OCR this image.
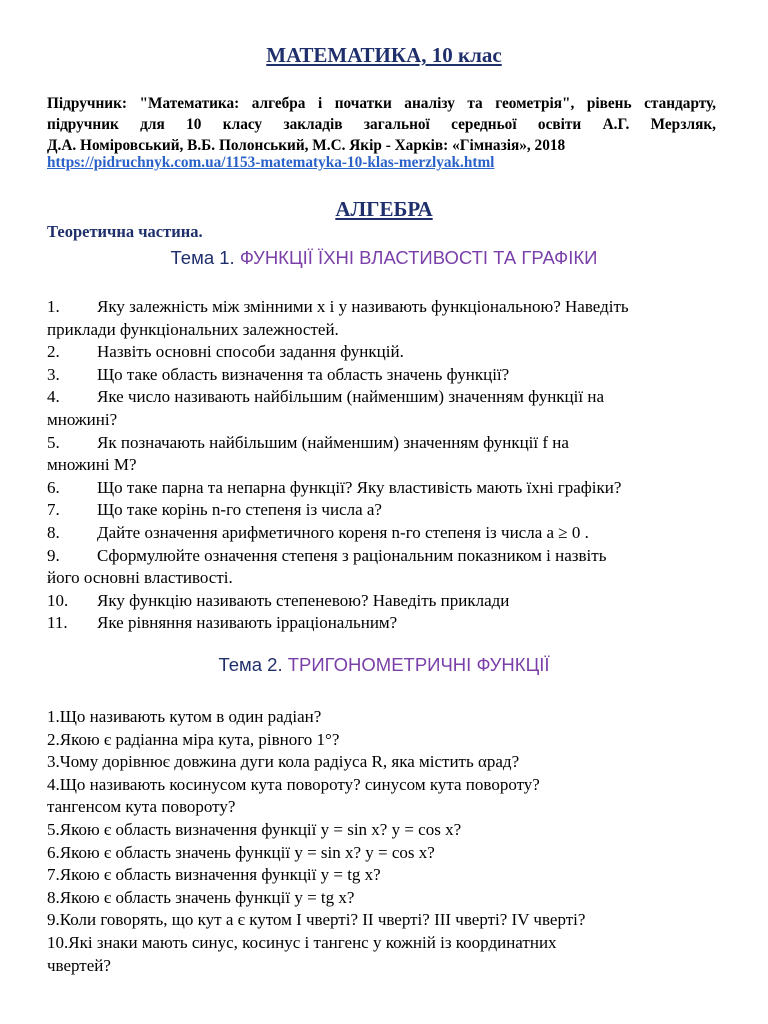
МАТЕМАТИКА, 10 клас
Підручник: "Математика: алгебра і початки аналізу та геометрія", рівень стандарту,
підручник для 10 класу закладів загальної середньої освіти А.Г. Мерзляк,
Д.А. Номіровський, В.Б. Полонський, М.С. Якір - Харків: «Гімназія», 2018
https://pidruchnyk.com.ua/1153-matematyka-10-klas-merzlyak.html
АЛГЕБРА
Теоретична частина.
Тема 1. ФУНКЦІЇ ЇХНІ ВЛАСТИВОСТІ ТА ГРАФІКИ
1. Яку залежність між змінними x і y називають функціональною? Наведіть
приклади функціональних залежностей.
2. Назвіть основні способи задання функцій.
3. Що таке область визначення та область значень функції?
4. Яке число називають найбільшим (найменшим) значенням функції на
множині?
5. Як позначають найбільшим (найменшим) значенням функції f на
множині M?
6. Що таке парна та непарна функції? Яку властивість мають їхні графіки?
7. Що таке корінь n-го степеня із числа а?
8. Дайте означення арифметичного кореня n-го степеня із числа а ≥ 0 .
9. Сформулюйте означення степеня з раціональним показником і назвіть
його основні властивості.
10. Яку функцію називають степеневою? Наведіть приклади
11. Яке рівняння називають ірраціональним?
Тема 2. ТРИГОНОМЕТРИЧНІ ФУНКЦІЇ
1.Що називають кутом в один радіан?
2.Якою є радіанна міра кута, рівного 1°?
3.Чому дорівнює довжина дуги кола радіуса R, яка містить αрад?
4.Що називають косинусом кута повороту? синусом кута повороту?
тангенсом кута повороту?
5.Якою є область визначення функції y = sin x? y = cos x?
6.Якою є область значень функції y = sin x? y = cos x?
7.Якою є область визначення функції y = tg x?
8.Якою є область значень функції y = tg x?
9.Коли говорять, що кут а є кутом I чверті? II чверті? III чверті? IV чверті?
10.Які знаки мають синус, косинус і тангенс у кожній із координатних
чвертей?
